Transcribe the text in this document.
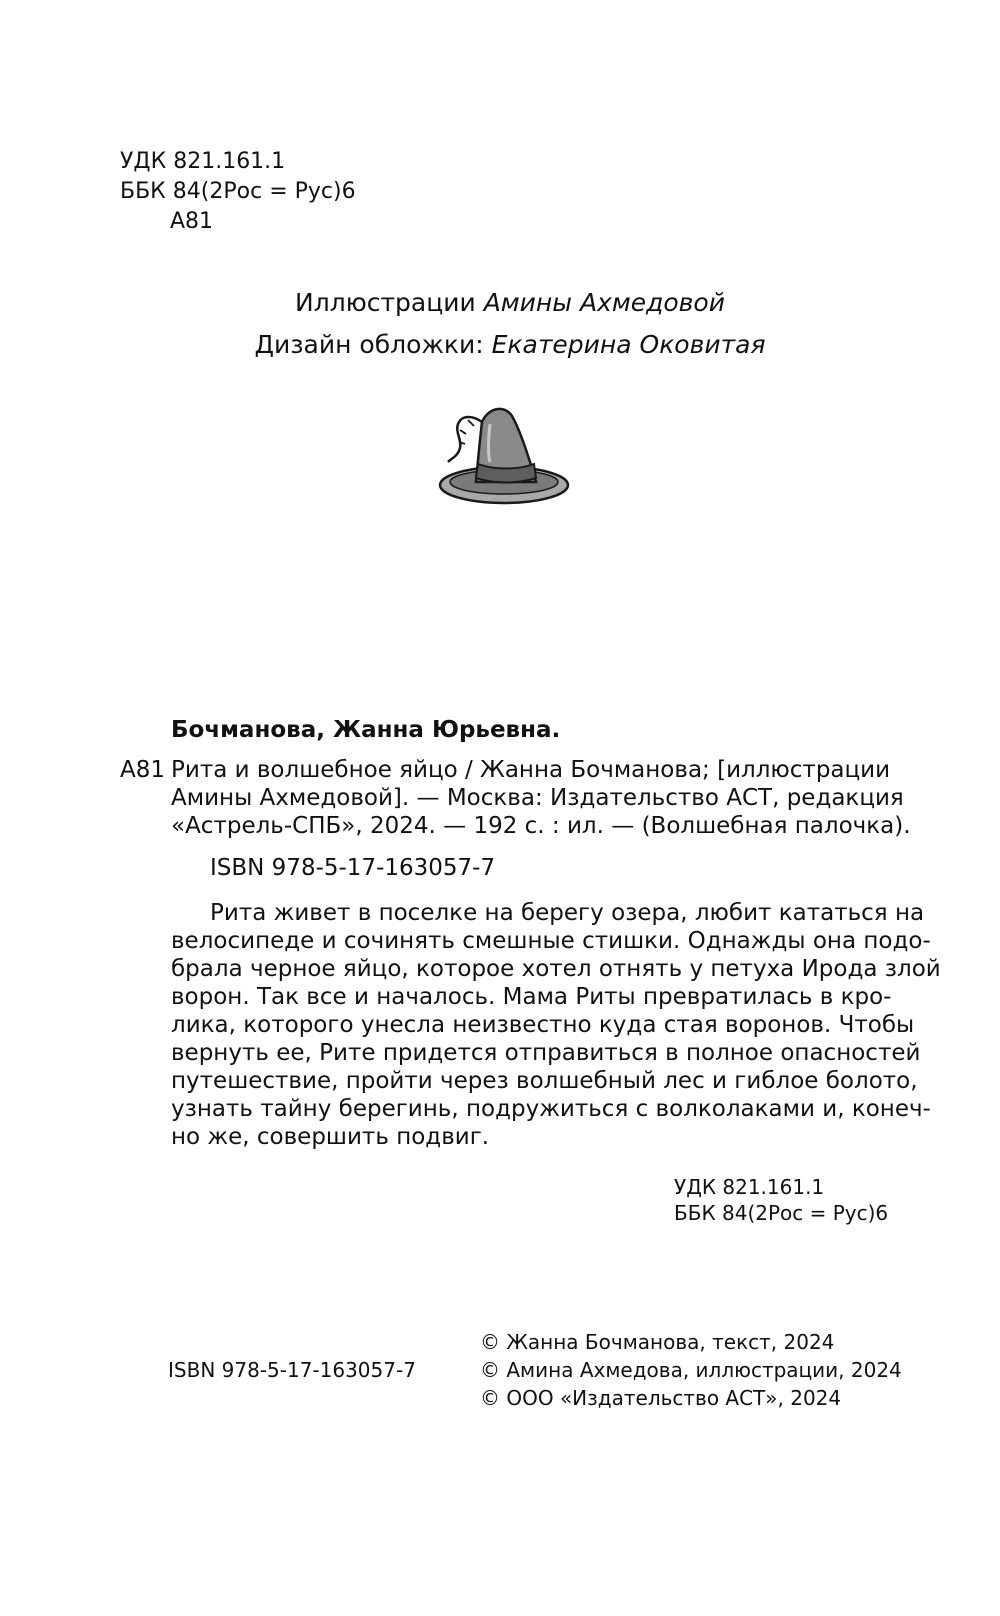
УДК 821.161.1
ББК 84(2Рос = Рус)6
А81
Иллюстрации Амины Ахмедовой
Дизайн обложки: Екатерина Оковитая
Бочманова, Жанна Юрьевна.
А81 Рита и волшебное яйцо / Жанна Бочманова; [иллюстрации
Амины Ахмедовой]. — Москва: Издательство АСТ, редакция
«Астрель-СПБ», 2024. — 192 с. : ил. — (Волшебная палочка).
ISBN 978-5-17-163057-7
Рита живет в поселке на берегу озера, любит кататься на
велосипеде и сочинять смешные стишки. Однажды она подо-
брала черное яйцо, которое хотел отнять у петуха Ирода злой
ворон. Так все и началось. Мама Риты превратилась в кро-
лика, которого унесла неизвестно куда стая воронов. Чтобы
вернуть ее, Рите придется отправиться в полное опасностей
путешествие, пройти через волшебный лес и гиблое болото,
узнать тайну берегинь, подружиться с волколаками и, конеч-
но же, совершить подвиг.
УДК 821.161.1
ББК 84(2Рос = Рус)6
ISBN 978-5-17-163057-7
© Жанна Бочманова, текст, 2024
© Амина Ахмедова, иллюстрации, 2024
© ООО «Издательство АСТ», 2024
